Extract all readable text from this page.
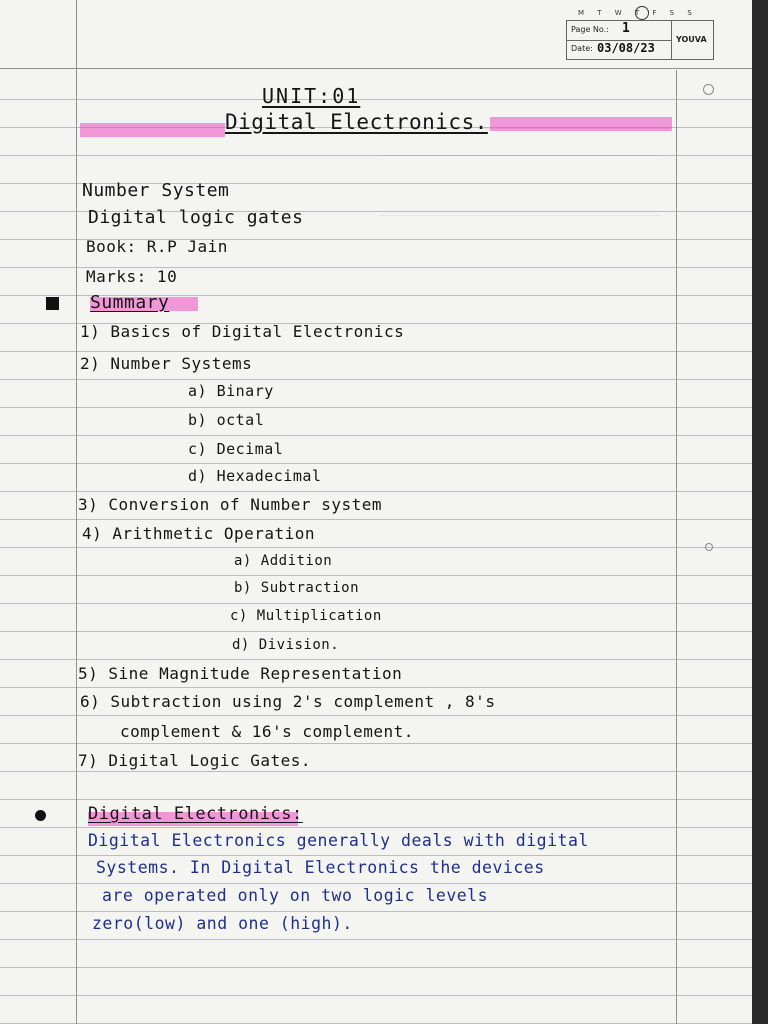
M T W T F S S
Page No.: 1
Date: 03/08/23
YOUVA
UNIT:01
Digital Electronics.
Number System
Digital logic gates
Book: R.P Jain
Marks: 10
Summary
1) Basics of Digital Electronics
2) Number Systems
a) Binary
b) octal
c) Decimal
d) Hexadecimal
3) Conversion of Number system
4) Arithmetic Operation
a) Addition
b) Subtraction
c) Multiplication
d) Division.
5) Sine Magnitude Representation
6) Subtraction using 2's complement , 8's
complement & 16's complement.
7) Digital Logic Gates.
Digital Electronics:
Digital Electronics generally deals with digital
Systems. In Digital Electronics the devices
are operated only on two logic levels
zero(low) and one (high).
